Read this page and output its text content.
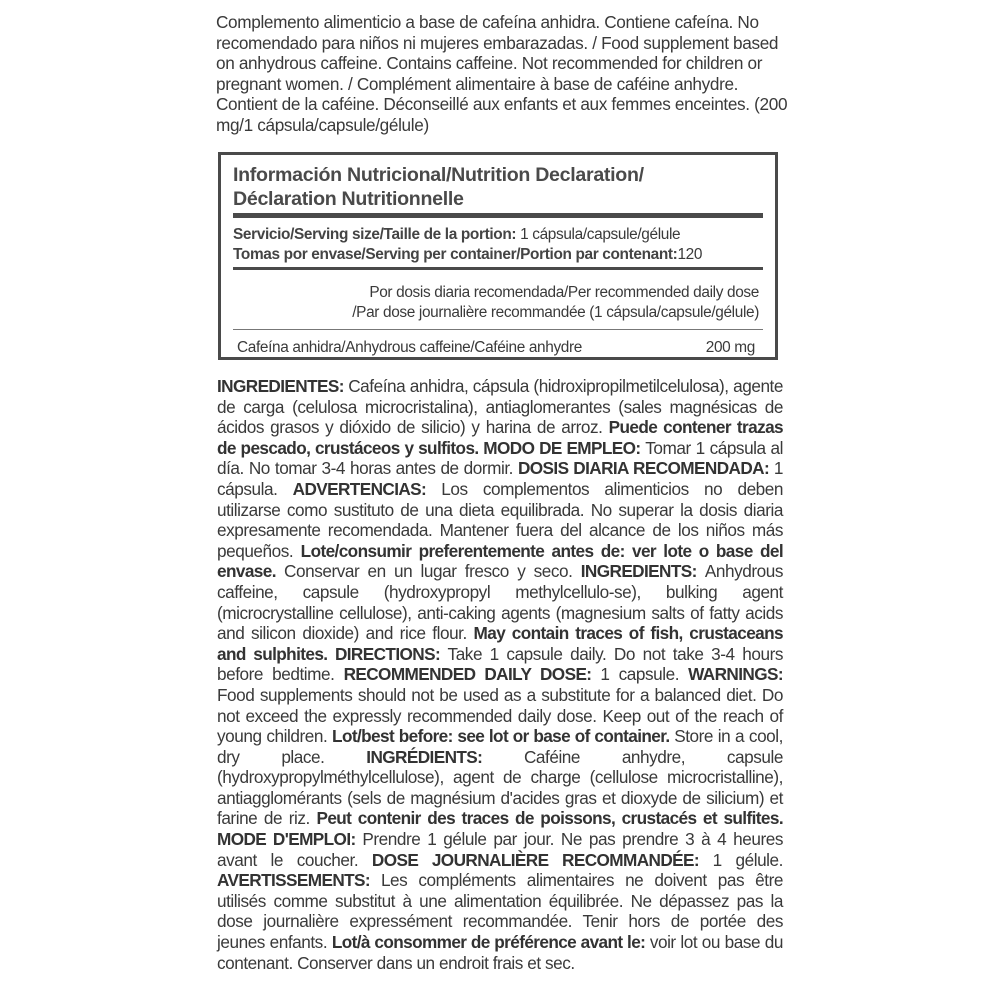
Complemento alimenticio a base de cafeína anhidra. Contiene cafeína. No recomendado para niños ni mujeres embarazadas. / Food supplement based on anhydrous caffeine. Contains caffeine. Not recommended for children or pregnant women. / Complément alimentaire à base de caféine anhydre. Contient de la caféine. Déconseillé aux enfants et aux femmes enceintes. (200 mg/1 cápsula/capsule/gélule)
Información Nutricional/Nutrition Declaration/
Déclaration Nutritionnelle
Servicio/Serving size/Taille de la portion: 1 cápsula/capsule/gélule
Tomas por envase/Serving per container/Portion par contenant:120
Por dosis diaria recomendada/Per recommended daily dose
/Par dose journalière recommandée (1 cápsula/capsule/gélule)
Cafeína anhidra/Anhydrous caffeine/Caféine anhydre	200 mg
INGREDIENTES: Cafeína anhidra, cápsula (hidroxipropilmetilcelulosa), agente de carga (celulosa microcristalina), antiaglomerantes (sales magnésicas de ácidos grasos y dióxido de silicio) y harina de arroz. Puede contener trazas de pescado, crustáceos y sulfitos. MODO DE EMPLEO: Tomar 1 cápsula al día. No tomar 3-4 horas antes de dormir. DOSIS DIARIA RECOMENDADA: 1 cápsula. ADVERTENCIAS: Los complementos alimenticios no deben utilizarse como sustituto de una dieta equilibrada. No superar la dosis diaria expresamente recomendada. Mantener fuera del alcance de los niños más pequeños. Lote/consumir preferentemente antes de: ver lote o base del envase. Conservar en un lugar fresco y seco. INGREDIENTS: Anhydrous caffeine, capsule (hydroxypropyl methylcellulo-se), bulking agent (microcrystalline cellulose), anti-caking agents (magnesium salts of fatty acids and silicon dioxide) and rice flour. May contain traces of fish, crustaceans and sulphites. DIRECTIONS: Take 1 capsule daily. Do not take 3-4 hours before bedtime. RECOMMENDED DAILY DOSE: 1 capsule. WARNINGS: Food supplements should not be used as a substitute for a balanced diet. Do not exceed the expressly recommended daily dose. Keep out of the reach of young children. Lot/best before: see lot or base of container. Store in a cool, dry place. INGRÉDIENTS: Caféine anhydre, capsule (hydroxypropylméthylcellulose), agent de charge (cellulose microcristalline), antiagglomérants (sels de magnésium d'acides gras et dioxyde de silicium) et farine de riz. Peut contenir des traces de poissons, crustacés et sulfites. MODE D'EMPLOI: Prendre 1 gélule par jour. Ne pas prendre 3 à 4 heures avant le coucher. DOSE JOURNALIÈRE RECOMMANDÉE: 1 gélule. AVERTISSEMENTS: Les compléments alimentaires ne doivent pas être utilisés comme substitut à une alimentation équilibrée. Ne dépassez pas la dose journalière expressément recommandée. Tenir hors de portée des jeunes enfants. Lot/à consommer de préférence avant le: voir lot ou base du contenant. Conserver dans un endroit frais et sec.
